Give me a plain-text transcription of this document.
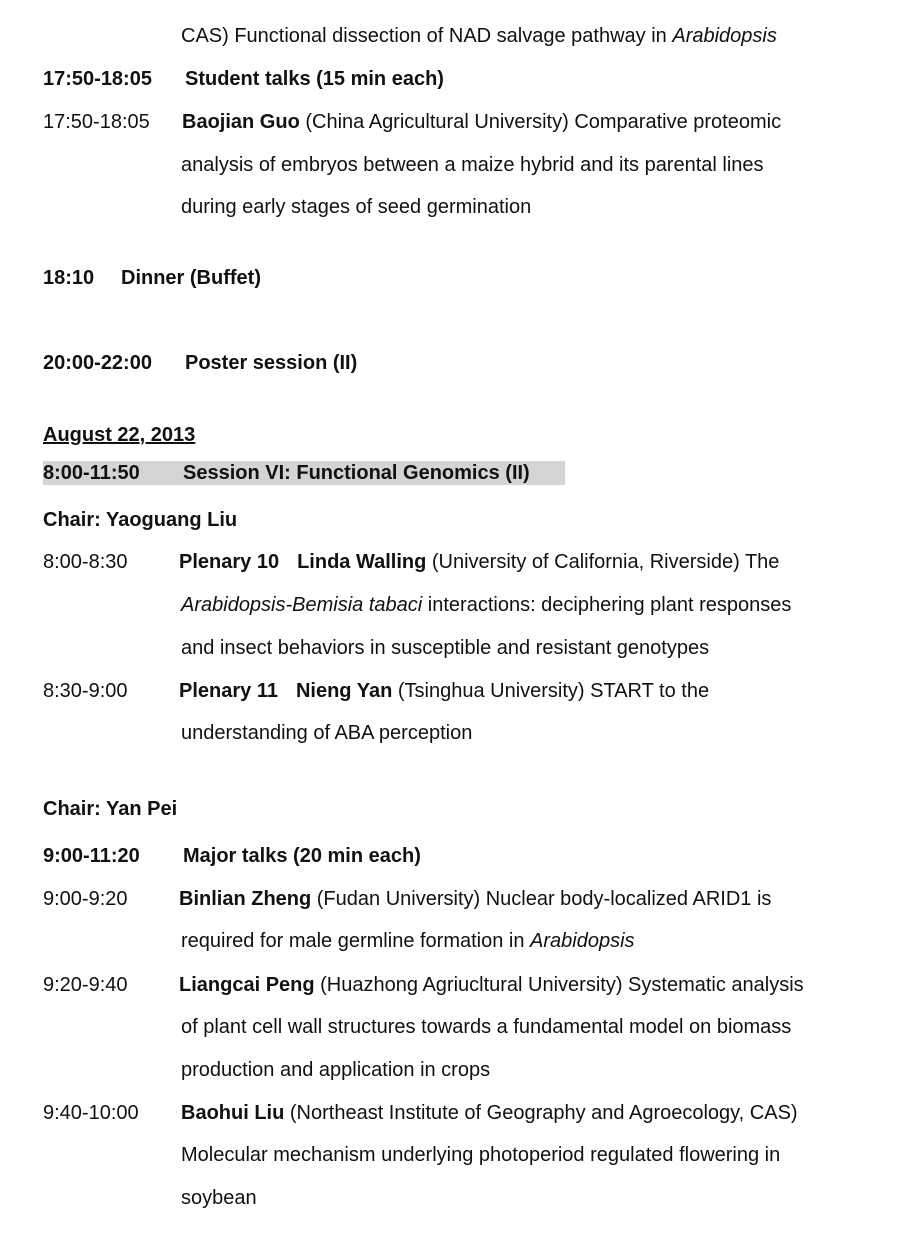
CAS) Functional dissection of NAD salvage pathway in Arabidopsis
17:50-18:05 Student talks (15 min each)
17:50-18:05 Baojian Guo (China Agricultural University) Comparative proteomic
analysis of embryos between a maize hybrid and its parental lines
during early stages of seed germination
18:10 Dinner (Buffet)
20:00-22:00 Poster session (II)
August 22, 2013
8:00-11:50 Session VI: Functional Genomics (II)
Chair: Yaoguang Liu
8:00-8:30	Plenary 10 Linda Walling (University of California, Riverside) The
Arabidopsis-Bemisia tabaci interactions: deciphering plant responses
and insect behaviors in susceptible and resistant genotypes
8:30-9:00	Plenary 11 Nieng Yan (Tsinghua University) START to the
understanding of ABA perception
Chair: Yan Pei
9:00-11:20 Major talks (20 min each)
9:00-9:20	Binlian Zheng (Fudan University) Nuclear body-localized ARID1 is
required for male germline formation in Arabidopsis
9:20-9:40	Liangcai Peng (Huazhong Agriucltural University) Systematic analysis
of plant cell wall structures towards a fundamental model on biomass
production and application in crops
9:40-10:00 Baohui Liu (Northeast Institute of Geography and Agroecology, CAS)
Molecular mechanism underlying photoperiod regulated flowering in
soybean
